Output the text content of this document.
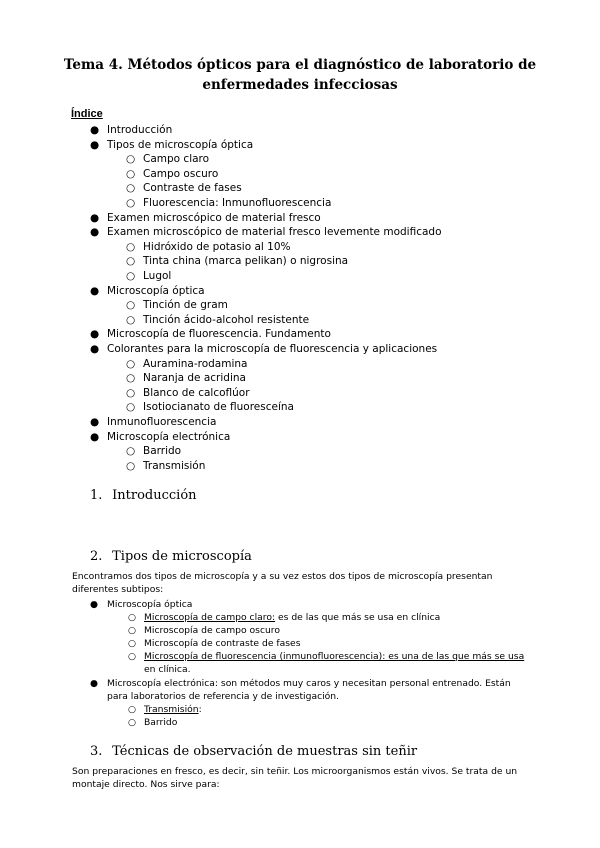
Tema 4. Métodos ópticos para el diagnóstico de laboratorio de enfermedades infecciosas
Índice
● Introducción
● Tipos de microscopía óptica
○ Campo claro
○ Campo oscuro
○ Contraste de fases
○ Fluorescencia: Inmunofluorescencia
● Examen microscópico de material fresco
● Examen microscópico de material fresco levemente modificado
○ Hidróxido de potasio al 10%
○ Tinta china (marca pelikan) o nigrosina
○ Lugol
● Microscopía óptica
○ Tinción de gram
○ Tinción ácido-alcohol resistente
● Microscopía de fluorescencia. Fundamento
● Colorantes para la microscopía de fluorescencia y aplicaciones
○ Auramina-rodamina
○ Naranja de acridina
○ Blanco de calcoflúor
○ Isotiocianato de fluoresceína
● Inmunofluorescencia
● Microscopía electrónica
○ Barrido
○ Transmisión
1. Introducción
2. Tipos de microscopía
Encontramos dos tipos de microscopía y a su vez estos dos tipos de microscopía presentan diferentes subtipos:
● Microscopía óptica
○ Microscopía de campo claro: es de las que más se usa en clínica
○ Microscopía de campo oscuro
○ Microscopía de contraste de fases
○ Microscopía de fluorescencia (inmunofluorescencia): es una de las que más se usa
en clínica.
● Microscopía electrónica: son métodos muy caros y necesitan personal entrenado. Están para laboratorios de referencia y de investigación.
○ Transmisión:
○ Barrido
3. Técnicas de observación de muestras sin teñir
Son preparaciones en fresco, es decir, sin teñir. Los microorganismos están vivos. Se trata de un montaje directo. Nos sirve para:
